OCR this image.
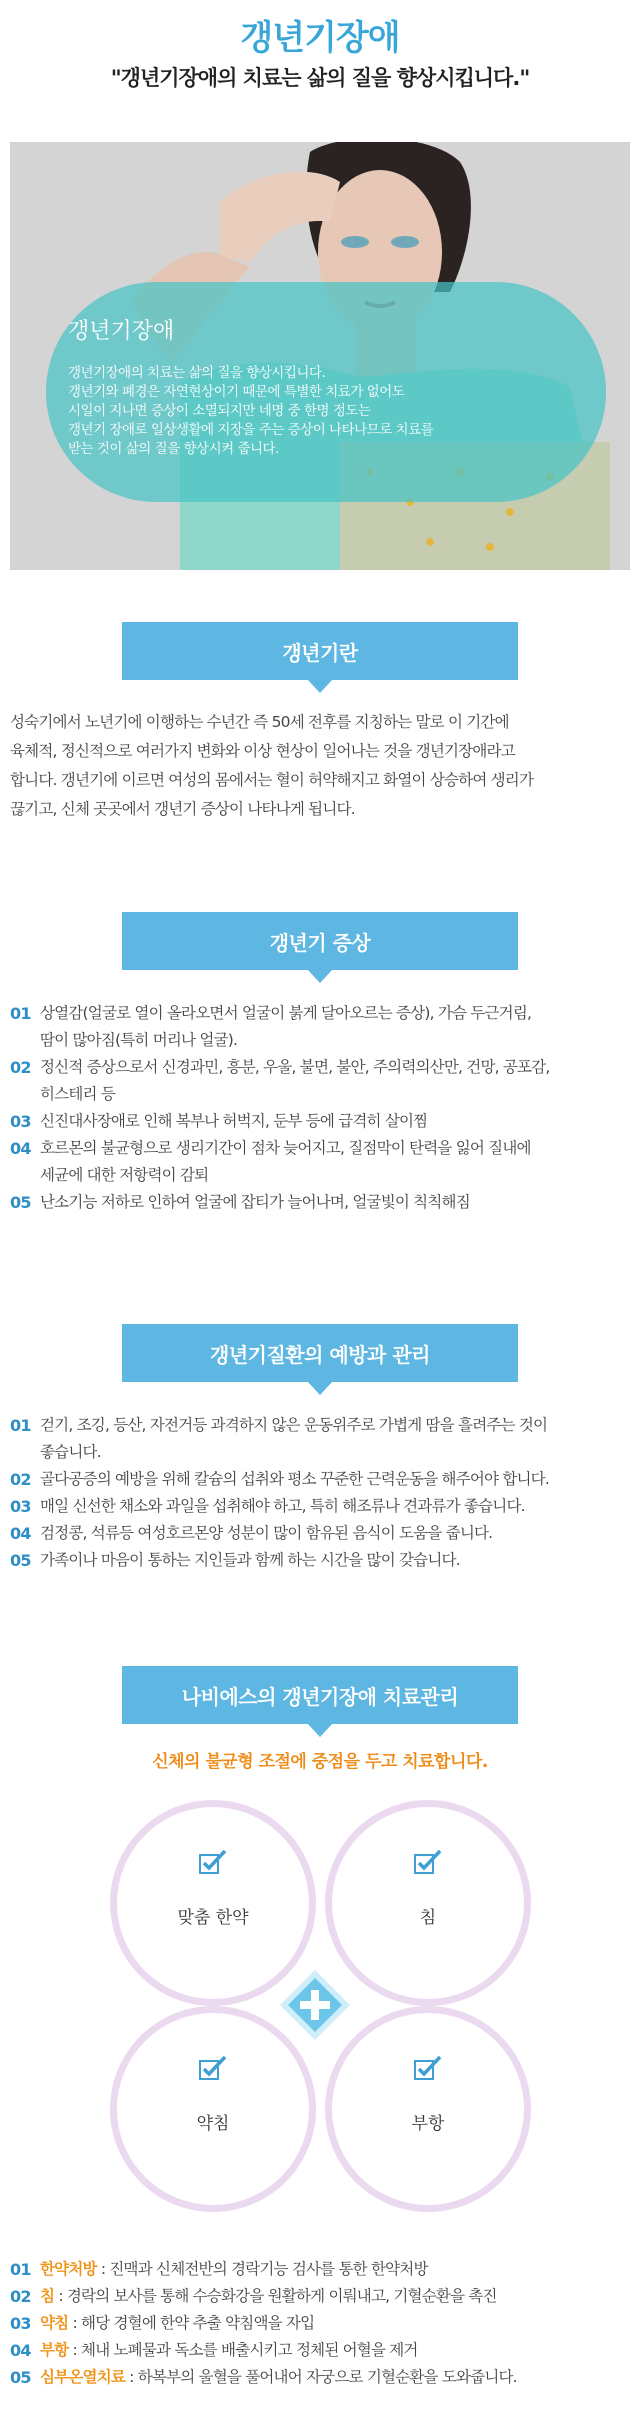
갱년기장애
"갱년기장애의 치료는 삶의 질을 향상시킵니다."
갱년기장애
갱년기장애의 치료는 삶의 질을 향상시킵니다.
갱년기와 폐경은 자연현상이기 때문에 특별한 치료가 없어도
시일이 지나면 증상이 소멸되지만 네명 중 한명 정도는
갱년기 장애로 일상생활에 지장을 주는 증상이 나타나므로 치료를
받는 것이 삶의 질을 향상시켜 줍니다.
갱년기란
성숙기에서 노년기에 이행하는 수년간 즉 50세 전후를 지칭하는 말로 이 기간에
육체적, 정신적으로 여러가지 변화와 이상 현상이 일어나는 것을 갱년기장애라고
합니다. 갱년기에 이르면 여성의 몸에서는 혈이 허약해지고 화열이 상승하여 생리가
끊기고, 신체 곳곳에서 갱년기 증상이 나타나게 됩니다.
갱년기 증상
01 상열감(얼굴로 열이 올라오면서 얼굴이 붉게 달아오르는 증상), 가슴 두근거림,
땀이 많아짐(특히 머리나 얼굴).
02 정신적 증상으로서 신경과민, 흥분, 우울, 불면, 불안, 주의력의산만, 건망, 공포감,
히스테리 등
03 신진대사장애로 인해 복부나 허벅지, 둔부 등에 급격히 살이찜
04 호르몬의 불균형으로 생리기간이 점차 늦어지고, 질점막이 탄력을 잃어 질내에
세균에 대한 저항력이 감퇴
05 난소기능 저하로 인하여 얼굴에 잡티가 늘어나며, 얼굴빛이 칙칙해짐
갱년기질환의 예방과 관리
01 걷기, 조깅, 등산, 자전거등 과격하지 않은 운동위주로 가볍게 땀을 흘려주는 것이
좋습니다.
02 골다공증의 예방을 위해 칼슘의 섭취와 평소 꾸준한 근력운동을 해주어야 합니다.
03 매일 신선한 채소와 과일을 섭취해야 하고, 특히 해조류나 견과류가 좋습니다.
04 검정콩, 석류등 여성호르몬양 성분이 많이 함유된 음식이 도움을 줍니다.
05 가족이나 마음이 통하는 지인들과 함께 하는 시간을 많이 갖습니다.
나비에스의 갱년기장애 치료관리
신체의 불균형 조절에 중점을 두고 치료합니다.
맞춤 한약	침
약침	부항
01 한약처방 : 진맥과 신체전반의 경락기능 검사를 통한 한약처방
02 침 : 경락의 보사를 통해 수승화강을 원활하게 이뤄내고, 기혈순환을 촉진
03 약침 : 해당 경혈에 한약 추출 약침액을 자입
04 부항 : 체내 노폐물과 독소를 배출시키고 정체된 어혈을 제거
05 심부온열치료 : 하복부의 울혈을 풀어내어 자궁으로 기혈순환을 도와줍니다.
